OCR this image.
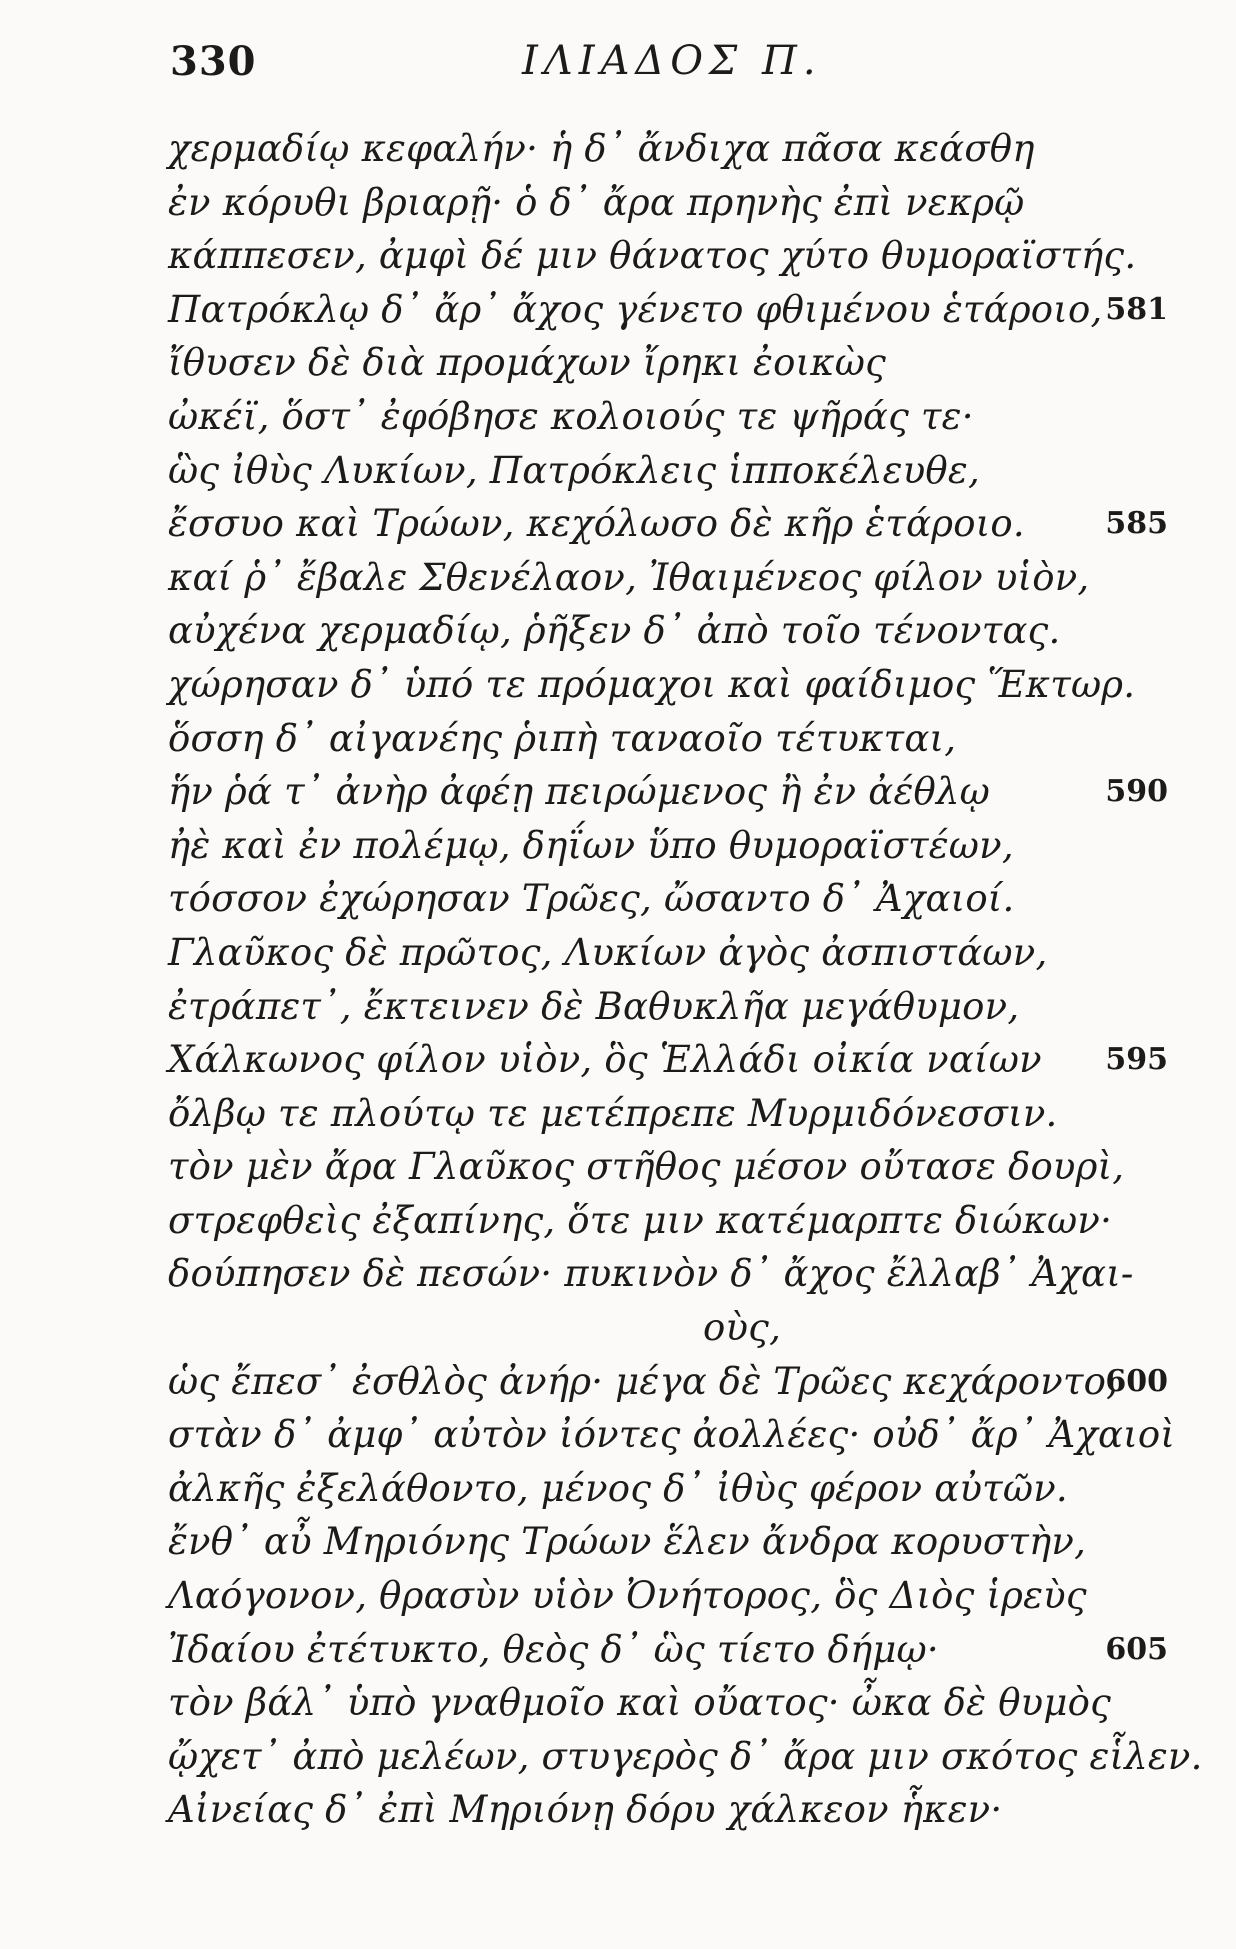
330	ΙΛΙΑΔΟΣ Π.
χερμαδίῳ κεφαλήν· ἡ δ᾽ ἄνδιχα πᾶσα κεάσθη
ἐν κόρυθι βριαρῇ· ὁ δ᾽ ἄρα πρηνὴς ἐπὶ νεκρῷ
κάππεσεν, ἀμφὶ δέ μιν θάνατος χύτο θυμοραϊστής.
Πατρόκλῳ δ᾽ ἄρ᾽ ἄχος γένετο φθιμένου ἑτάροιο, 581
ἴθυσεν δὲ διὰ προμάχων ἴρηκι ἐοικὼς
ὠκέϊ, ὅστ᾽ ἐφόβησε κολοιούς τε ψῆράς τε·
ὣς ἰθὺς Λυκίων, Πατρόκλεις ἱπποκέλευθε,
ἔσσυο καὶ Τρώων, κεχόλωσο δὲ κῆρ ἑτάροιο.	585
καί ῥ᾽ ἔβαλε Σθενέλαον, Ἰθαιμένεος φίλον υἱὸν,
αὐχένα χερμαδίῳ, ῥῆξεν δ᾽ ἀπὸ τοῖο τένοντας.
χώρησαν δ᾽ ὑπό τε πρόμαχοι καὶ φαίδιμος Ἕκτωρ.
ὅσση δ᾽ αἰγανέης ῥιπὴ ταναοῖο τέτυκται,
ἥν ῥά τ᾽ ἀνὴρ ἀφέῃ πειρώμενος ἢ ἐν ἀέθλῳ	590
ἠὲ καὶ ἐν πολέμῳ, δηΐων ὕπο θυμοραϊστέων,
τόσσον ἐχώρησαν Τρῶες, ὤσαντο δ᾽ Ἀχαιοί.
Γλαῦκος δὲ πρῶτος, Λυκίων ἀγὸς ἀσπιστάων,
ἐτράπετ᾽, ἔκτεινεν δὲ Βαθυκλῆα μεγάθυμον,
Χάλκωνος φίλον υἱὸν, ὃς Ἑλλάδι οἰκία ναίων 595
ὄλβῳ τε πλούτῳ τε μετέπρεπε Μυρμιδόνεσσιν.
τὸν μὲν ἄρα Γλαῦκος στῆθος μέσον οὔτασε δουρὶ,
στρεφθεὶς ἐξαπίνης, ὅτε μιν κατέμαρπτε διώκων·
δούπησεν δὲ πεσών· πυκινὸν δ᾽ ἄχος ἔλλαβ᾽ Ἀχαι-
οὺς,
ὡς ἔπεσ᾽ ἐσθλὸς ἀνήρ· μέγα δὲ Τρῶες κεχάροντο,
600
στὰν δ᾽ ἀμφ᾽ αὐτὸν ἰόντες ἀολλέες· οὐδ᾽ ἄρ᾽ Ἀχαιοὶ
ἀλκῆς ἐξελάθοντο, μένος δ᾽ ἰθὺς φέρον αὐτῶν.
ἔνθ᾽ αὖ Μηριόνης Τρώων ἕλεν ἄνδρα κορυστὴν,
Λαόγονον, θρασὺν υἱὸν Ὀνήτορος, ὃς Διὸς ἱρεὺς
Ἰδαίου ἐτέτυκτο, θεὸς δ᾽ ὣς τίετο δήμῳ·	605
τὸν βάλ᾽ ὑπὸ γναθμοῖο καὶ οὔατος· ὦκα δὲ θυμὸς
ᾤχετ᾽ ἀπὸ μελέων, στυγερὸς δ᾽ ἄρα μιν σκότος εἷλεν.
Αἰνείας δ᾽ ἐπὶ Μηριόνῃ δόρυ χάλκεον ἧκεν·
